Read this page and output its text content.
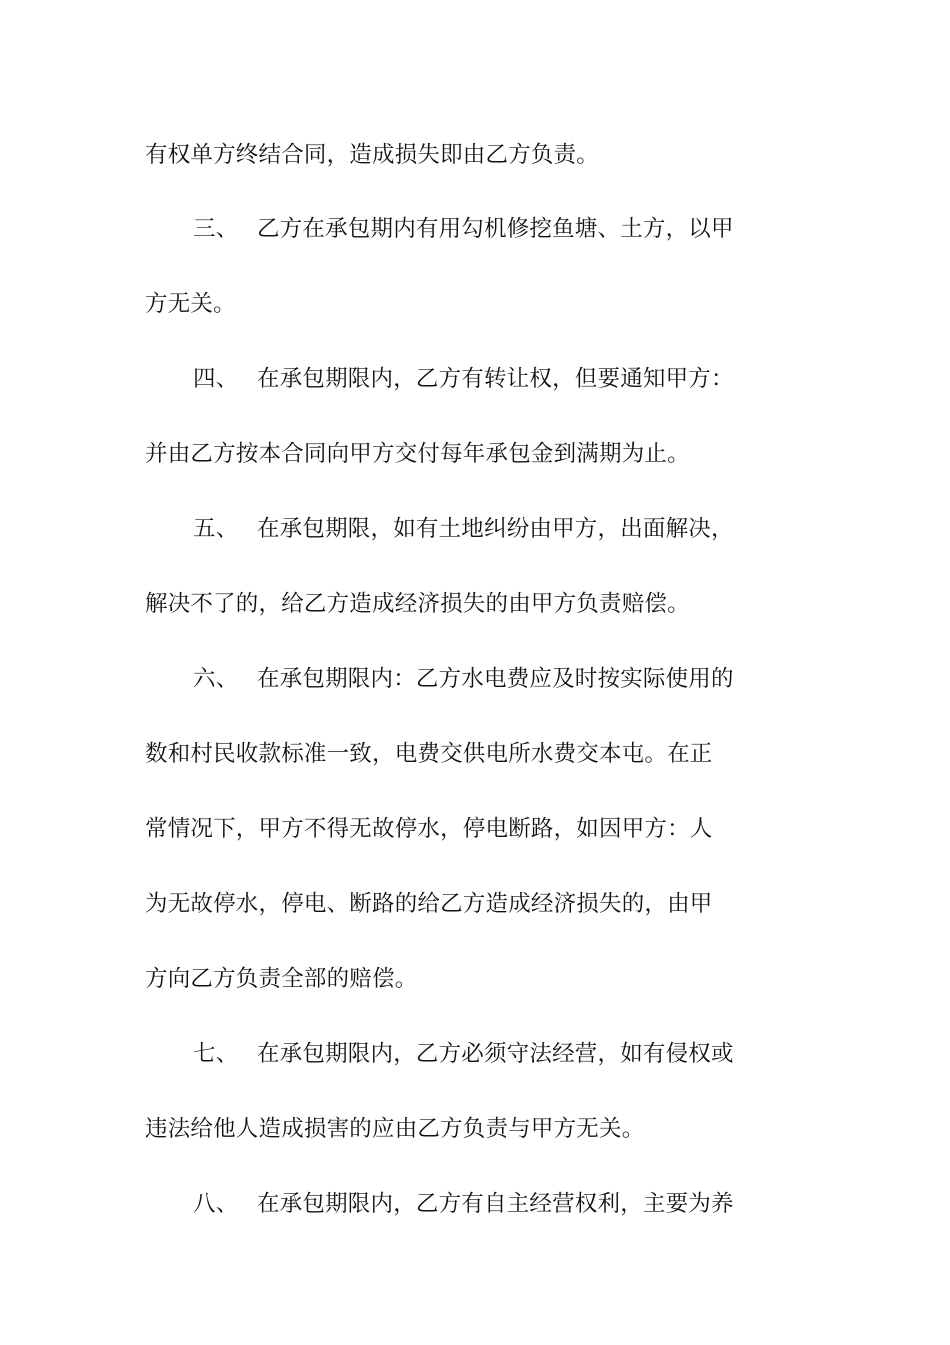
有权单方终结合同，造成损失即由乙方负责。
三、 乙方在承包期内有用勾机修挖鱼塘、土方，以甲
方无关。
四、 在承包期限内，乙方有转让权，但要通知甲方：
并由乙方按本合同向甲方交付每年承包金到满期为止。
五、 在承包期限，如有土地纠纷由甲方，出面解决，
解决不了的，给乙方造成经济损失的由甲方负责赔偿。
六、 在承包期限内：乙方水电费应及时按实际使用的
数和村民收款标准一致，电费交供电所水费交本屯。在正
常情况下，甲方不得无故停水，停电断路，如因甲方：人
为无故停水，停电、断路的给乙方造成经济损失的，由甲
方向乙方负责全部的赔偿。
七、 在承包期限内，乙方必须守法经营，如有侵权或
违法给他人造成损害的应由乙方负责与甲方无关。
八、 在承包期限内，乙方有自主经营权利，主要为养
